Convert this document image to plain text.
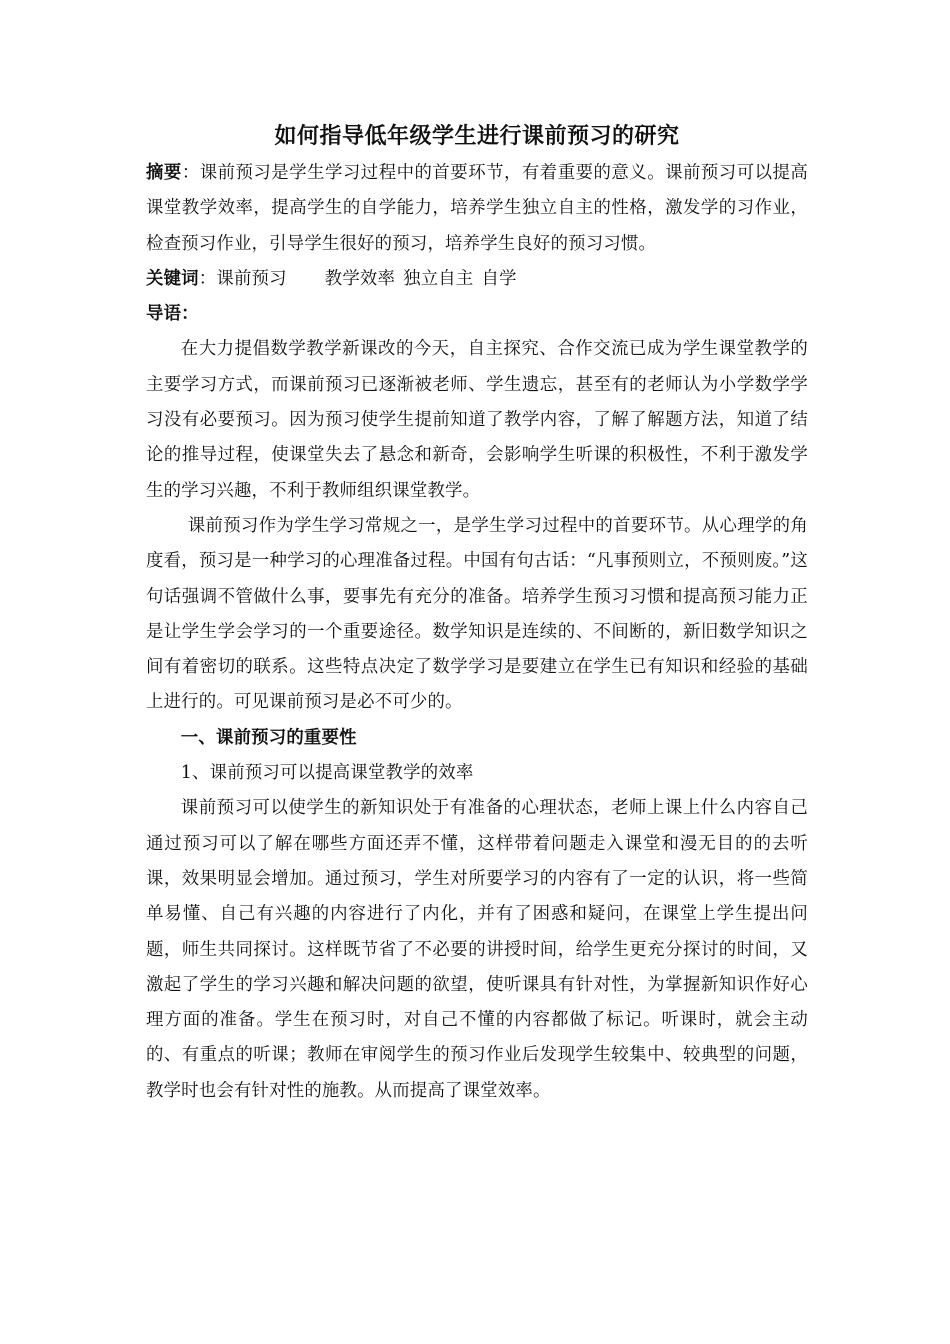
如何指导低年级学生进行课前预习的研究

摘要：课前预习是学生学习过程中的首要环节，有着重要的意义。课前预习可以提高课堂教学效率，提高学生的自学能力，培养学生独立自主的性格，激发学的习作业，检查预习作业，引导学生很好的预习，培养学生良好的预习习惯。

关键词：课前预习 教学效率 独立自主 自学

导语：

在大力提倡数学教学新课改的今天，自主探究、合作交流已成为学生课堂教学的主要学习方式，而课前预习已逐渐被老师、学生遗忘，甚至有的老师认为小学数学学习没有必要预习。因为预习使学生提前知道了教学内容，了解了解题方法，知道了结论的推导过程，使课堂失去了悬念和新奇，会影响学生听课的积极性，不利于激发学生的学习兴趣，不利于教师组织课堂教学。

课前预习作为学生学习常规之一，是学生学习过程中的首要环节。从心理学的角度看，预习是一种学习的心理准备过程。中国有句古话：“凡事预则立，不预则废。”这句话强调不管做什么事，要事先有充分的准备。培养学生预习习惯和提高预习能力正是让学生学会学习的一个重要途径。数学知识是连续的、不间断的，新旧数学知识之间有着密切的联系。这些特点决定了数学学习是要建立在学生已有知识和经验的基础上进行的。可见课前预习是必不可少的。

一、课前预习的重要性

1、课前预习可以提高课堂教学的效率

课前预习可以使学生的新知识处于有准备的心理状态，老师上课上什么内容自己通过预习可以了解在哪些方面还弄不懂，这样带着问题走入课堂和漫无目的的去听课，效果明显会增加。通过预习，学生对所要学习的内容有了一定的认识，将一些简单易懂、自己有兴趣的内容进行了内化，并有了困惑和疑问，在课堂上学生提出问题，师生共同探讨。这样既节省了不必要的讲授时间，给学生更充分探讨的时间，又激起了学生的学习兴趣和解决问题的欲望，使听课具有针对性，为掌握新知识作好心理方面的准备。学生在预习时，对自己不懂的内容都做了标记。听课时，就会主动的、有重点的听课；教师在审阅学生的预习作业后发现学生较集中、较典型的问题，教学时也会有针对性的施教。从而提高了课堂效率。
